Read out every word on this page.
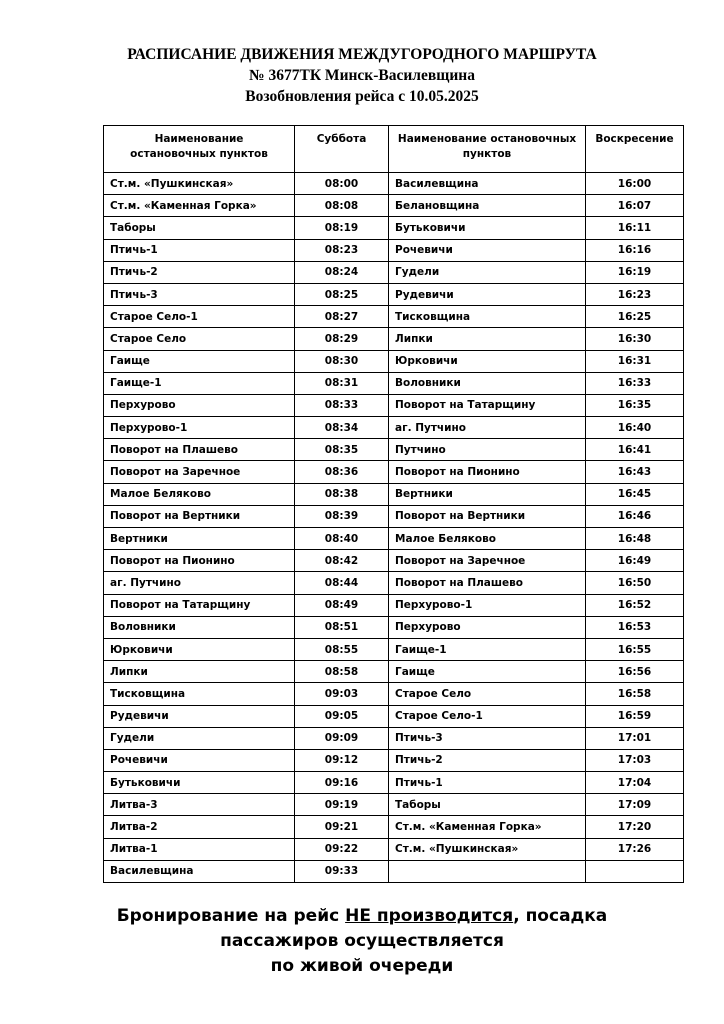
РАСПИСАНИЕ ДВИЖЕНИЯ МЕЖДУГОРОДНОГО МАРШРУТА
№ 3677ТК Минск-Василевщина
Возобновления рейса с 10.05.2025
Наименование остановочных пунктов	Суббота	Наименование остановочных пунктов	Воскресение
Ст.м. «Пушкинская»	08:00	Василевщина	16:00
Ст.м. «Каменная Горка»	08:08	Белановщина	16:07
Таборы	08:19	Бутьковичи	16:11
Птичь-1	08:23	Рочевичи	16:16
Птичь-2	08:24	Гудели	16:19
Птичь-3	08:25	Рудевичи	16:23
Старое Село-1	08:27	Тисковщина	16:25
Старое Село	08:29	Липки	16:30
Гаище	08:30	Юрковичи	16:31
Гаище-1	08:31	Воловники	16:33
Перхурово	08:33	Поворот на Татарщину	16:35
Перхурово-1	08:34	аг. Путчино	16:40
Поворот на Плашево	08:35	Путчино	16:41
Поворот на Заречное	08:36	Поворот на Пионино	16:43
Малое Беляково	08:38	Вертники	16:45
Поворот на Вертники	08:39	Поворот на Вертники	16:46
Вертники	08:40	Малое Беляково	16:48
Поворот на Пионино	08:42	Поворот на Заречное	16:49
аг. Путчино	08:44	Поворот на Плашево	16:50
Поворот на Татарщину	08:49	Перхурово-1	16:52
Воловники	08:51	Перхурово	16:53
Юрковичи	08:55	Гаище-1	16:55
Липки	08:58	Гаище	16:56
Тисковщина	09:03	Старое Село	16:58
Рудевичи	09:05	Старое Село-1	16:59
Гудели	09:09	Птичь-3	17:01
Рочевичи	09:12	Птичь-2	17:03
Бутьковичи	09:16	Птичь-1	17:04
Литва-3	09:19	Таборы	17:09
Литва-2	09:21	Ст.м. «Каменная Горка»	17:20
Литва-1	09:22	Ст.м. «Пушкинская»	17:26
Василевщина	09:33		
Бронирование на рейс НЕ производится, посадка
пассажиров осуществляется
по живой очереди
